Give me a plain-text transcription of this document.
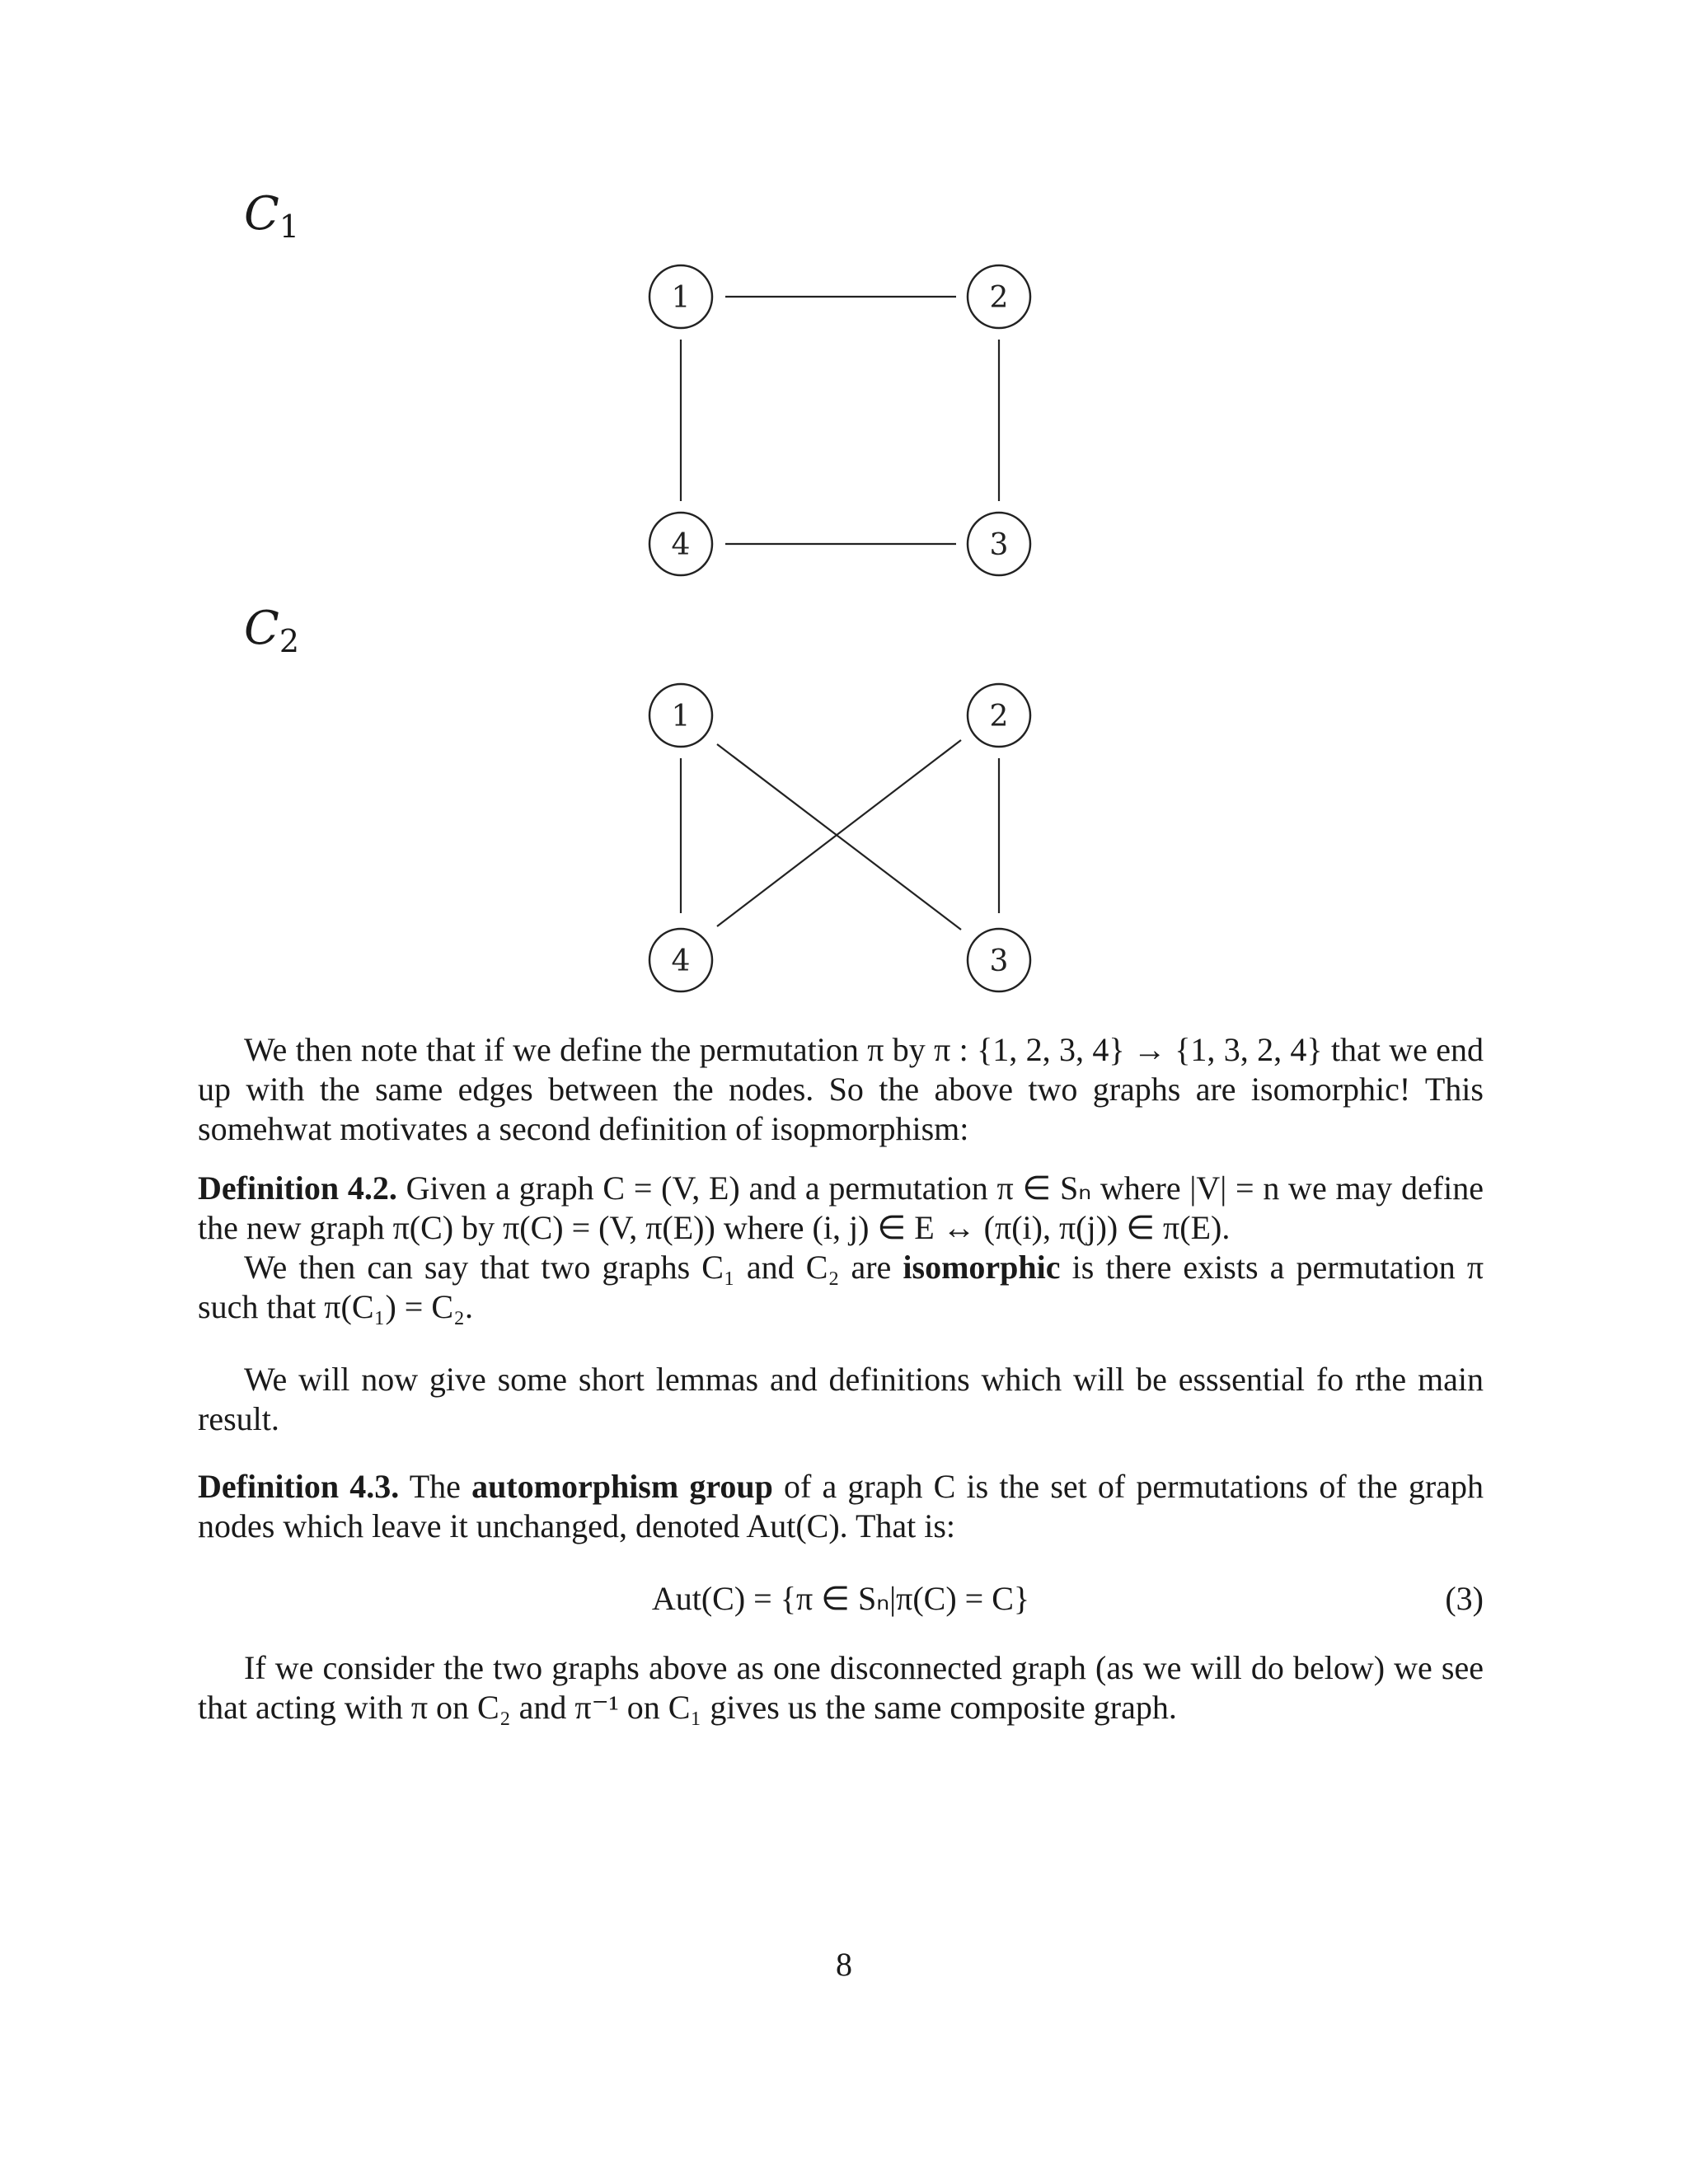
$C_1$
1	2
3
4
$C_2$
1	2
3
4

We then note that if we define the permutation π by π : {1, 2, 3, 4} → {1, 3, 2, 4} that we end up with the same edges between the nodes. So the above two graphs are isomorphic! This somehwat motivates a second definition of isopmorphism:

Definition 4.2. Given a graph C = (V, E) and a permutation π ∈ Sₙ where |V| = n we may define the new graph π(C) by π(C) = (V, π(E)) where (i, j) ∈ E ↔ (π(i), π(j)) ∈ π(E).

We then can say that two graphs C₁ and C₂ are isomorphic is there exists a permutation π such that π(C₁) = C₂.

We will now give some short lemmas and definitions which will be esssential fo rthe main result.

Definition 4.3. The automorphism group of a graph C is the set of permutations of the graph nodes which leave it unchanged, denoted Aut(C). That is:

Aut(C) = {π ∈ Sₙ|π(C) = C}	(3)

If we consider the two graphs above as one disconnected graph (as we will do below) we see that acting with π on C₂ and π⁻¹ on C₁ gives us the same composite graph.

8
